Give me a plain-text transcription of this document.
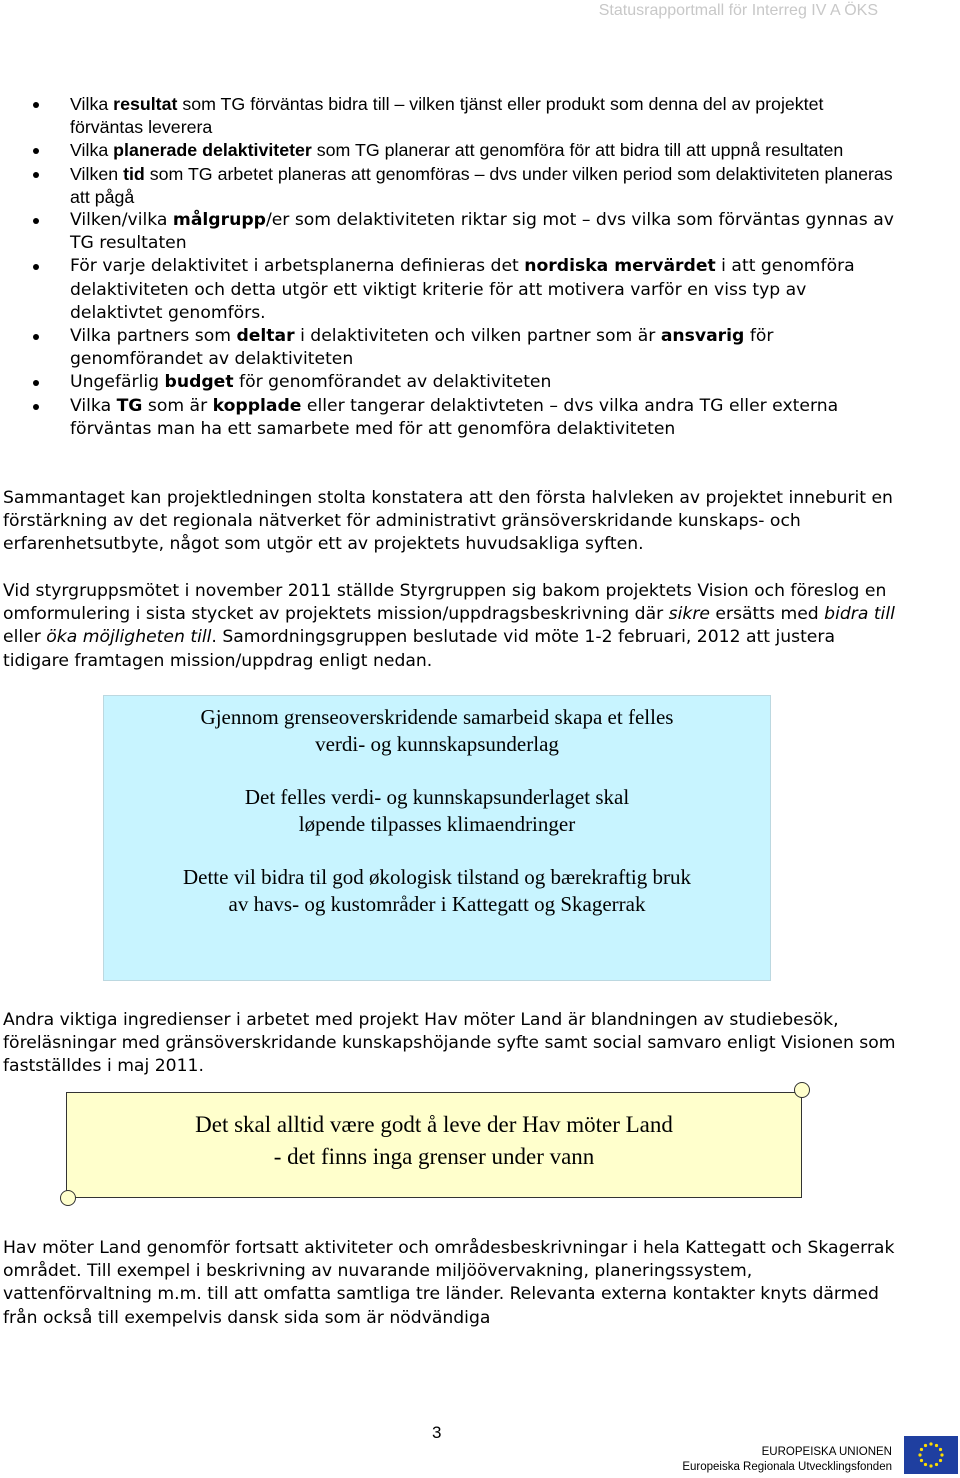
Statusrapportmall för Interreg IV A ÖKS
Vilka resultat som TG förväntas bidra till – vilken tjänst eller produkt som denna del av projektet förväntas leverera
Vilka planerade delaktiviteter som TG planerar att genomföra för att bidra till att uppnå resultaten
Vilken tid som TG arbetet planeras att genomföras – dvs under vilken period som delaktiviteten planeras att pågå
Vilken/vilka målgrupp/er som delaktiviteten riktar sig mot – dvs vilka som förväntas gynnas av TG resultaten
För varje delaktivitet i arbetsplanerna definieras det nordiska mervärdet i att genomföra delaktiviteten och detta utgör ett viktigt kriterie för att motivera varför en viss typ av delaktivtet genomförs.
Vilka partners som deltar i delaktiviteten och vilken partner som är ansvarig för genomförandet av delaktiviteten
Ungefärlig budget för genomförandet av delaktiviteten
Vilka TG som är kopplade eller tangerar delaktivteten – dvs vilka andra TG eller externa förväntas man ha ett samarbete med för att genomföra delaktiviteten

Sammantaget kan projektledningen stolta konstatera att den första halvleken av projektet inneburit en förstärkning av det regionala nätverket för administrativt gränsöverskridande kunskaps- och erfarenhetsutbyte, något som utgör ett av projektets huvudsakliga syften.

Vid styrgruppsmötet i november 2011 ställde Styrgruppen sig bakom projektets Vision och föreslog en omformulering i sista stycket av projektets mission/uppdragsbeskrivning där sikre ersätts med bidra till eller öka möjligheten till. Samordningsgruppen beslutade vid möte 1-2 februari, 2012 att justera tidigare framtagen mission/uppdrag enligt nedan.

Gjennom grenseoverskridende samarbeid skapa et felles verdi- og kunnskapsunderlag

Det felles verdi- og kunnskapsunderlaget skal løpende tilpasses klimaendringer

Dette vil bidra til god økologisk tilstand og bærekraftig bruk av havs- og kustområder i Kattegatt og Skagerrak

Andra viktiga ingredienser i arbetet med projekt Hav möter Land är blandningen av studiebesök, föreläsningar med gränsöverskridande kunskapshöjande syfte samt social samvaro enligt Visionen som fastställdes i maj 2011.

Det skal alltid være godt å leve der Hav möter Land

- det finns inga grenser under vann

Hav möter Land genomför fortsatt aktiviteter och områdesbeskrivningar i hela Kattegatt och Skagerrak området. Till exempel i beskrivning av nuvarande miljöövervakning, planeringssystem, vattenförvaltning m.m. till att omfatta samtliga tre länder. Relevanta externa kontakter knyts därmed från också till exempelvis dansk sida som är nödvändiga

3
EUROPEISKA UNIONEN
Europeiska Regionala Utvecklingsfonden
